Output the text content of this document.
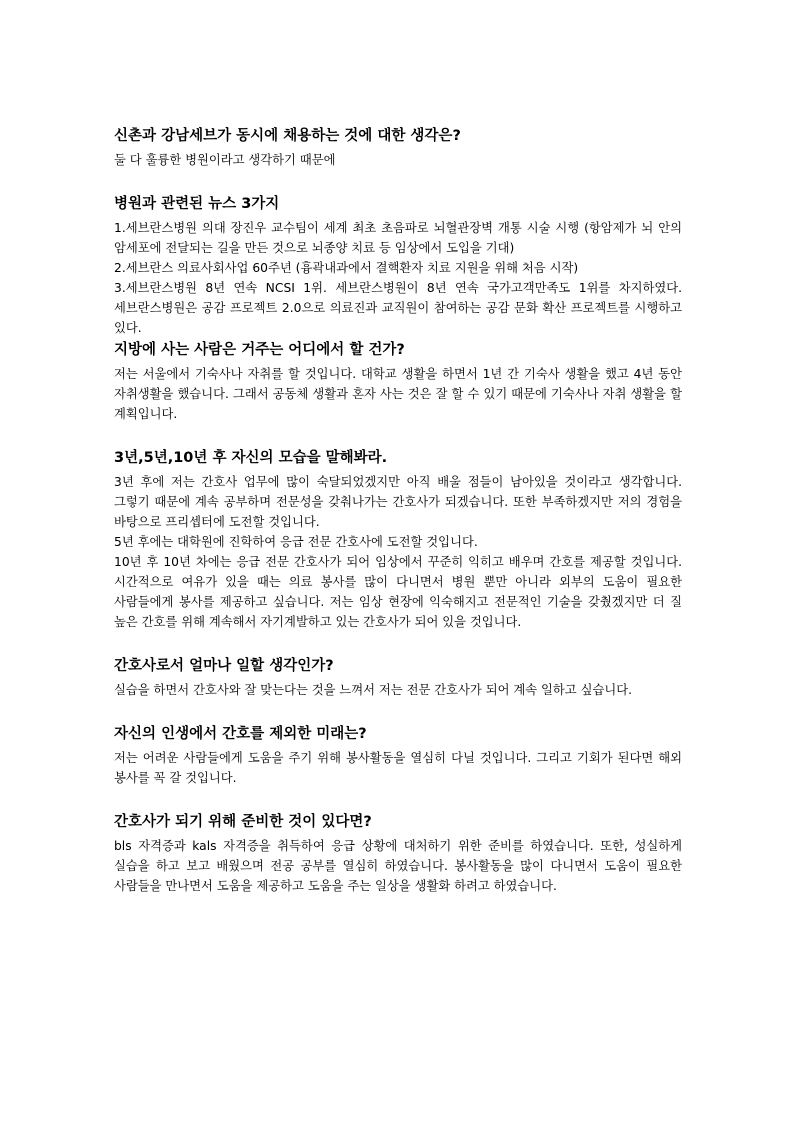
신촌과 강남세브가 동시에 채용하는 것에 대한 생각은?

둘 다 훌륭한 병원이라고 생각하기 때문에

병원과 관련된 뉴스 3가지

1.세브란스병원 의대 장진우 교수팀이 세계 최초 초음파로 뇌혈관장벽 개통 시술 시행 (항암제가 뇌 안의 암세포에 전달되는 길을 만든 것으로 뇌종양 치료 등 임상에서 도입을 기대)

2.세브란스 의료사회사업 60주년 (흉곽내과에서 결핵환자 치료 지원을 위해 처음 시작)

3.세브란스병원 8년 연속 NCSI 1위. 세브란스병원이 8년 연속 국가고객만족도 1위를 차지하였다. 세브란스병원은 공감 프로젝트 2.0으로 의료진과 교직원이 참여하는 공감 문화 확산 프로젝트를 시행하고 있다.

지방에 사는 사람은 거주는 어디에서 할 건가?

저는 서울에서 기숙사나 자취를 할 것입니다. 대학교 생활을 하면서 1년 간 기숙사 생활을 했고 4년 동안 자취생활을 했습니다. 그래서 공동체 생활과 혼자 사는 것은 잘 할 수 있기 때문에 기숙사나 자취 생활을 할 계획입니다.

3년,5년,10년 후 자신의 모습을 말해봐라.

3년 후에 저는 간호사 업무에 많이 숙달되었겠지만 아직 배울 점들이 남아있을 것이라고 생각합니다. 그렇기 때문에 계속 공부하며 전문성을 갖춰나가는 간호사가 되겠습니다. 또한 부족하겠지만 저의 경험을 바탕으로 프리셉터에 도전할 것입니다.

5년 후에는 대학원에 진학하여 응급 전문 간호사에 도전할 것입니다.

10년 후 10년 차에는 응급 전문 간호사가 되어 임상에서 꾸준히 익히고 배우며 간호를 제공할 것입니다. 시간적으로 여유가 있을 때는 의료 봉사를 많이 다니면서 병원 뿐만 아니라 외부의 도움이 필요한 사람들에게 봉사를 제공하고 싶습니다. 저는 임상 현장에 익숙해지고 전문적인 기술을 갖췄겠지만 더 질 높은 간호를 위해 계속해서 자기계발하고 있는 간호사가 되어 있을 것입니다.

간호사로서 얼마나 일할 생각인가?

실습을 하면서 간호사와 잘 맞는다는 것을 느껴서 저는 전문 간호사가 되어 계속 일하고 싶습니다.

자신의 인생에서 간호를 제외한 미래는?

저는 어려운 사람들에게 도움을 주기 위해 봉사활동을 열심히 다닐 것입니다. 그리고 기회가 된다면 해외 봉사를 꼭 갈 것입니다.

간호사가 되기 위해 준비한 것이 있다면?

bls 자격증과 kals 자격증을 취득하여 응급 상황에 대처하기 위한 준비를 하였습니다. 또한, 성실하게 실습을 하고 보고 배웠으며 전공 공부를 열심히 하였습니다. 봉사활동을 많이 다니면서 도움이 필요한 사람들을 만나면서 도움을 제공하고 도움을 주는 일상을 생활화 하려고 하였습니다.
